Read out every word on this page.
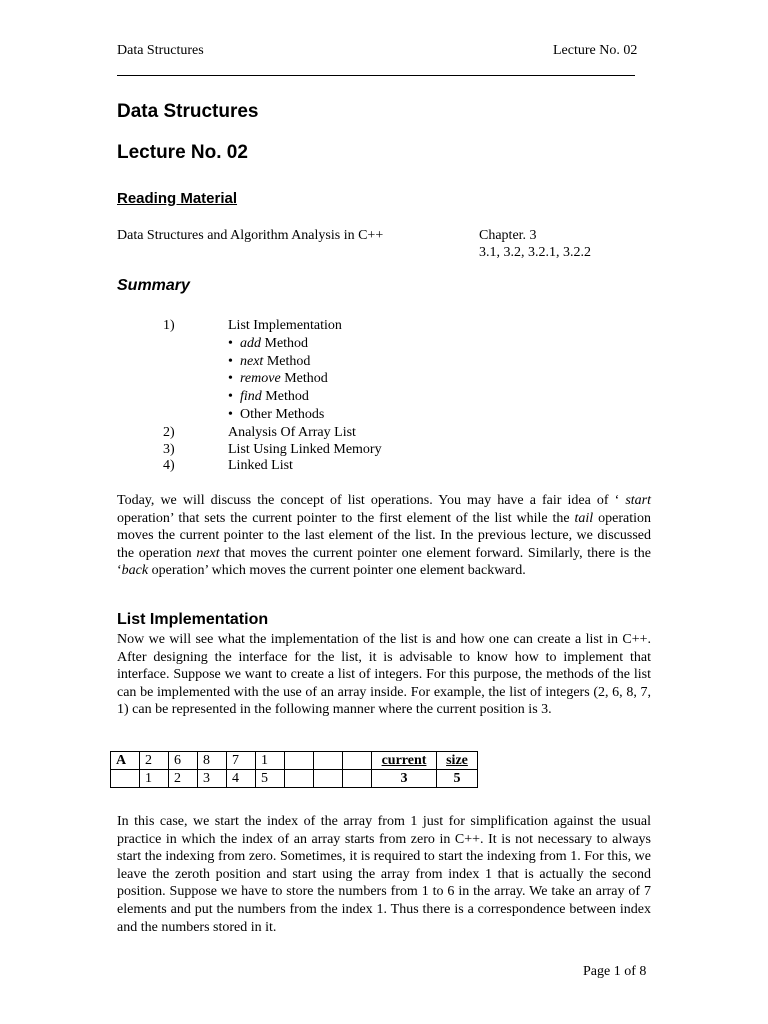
Data Structures	Lecture No. 02
Data Structures
Lecture No. 02
Reading Material
Data Structures and Algorithm Analysis in C++	Chapter. 3
3.1, 3.2, 3.2.1, 3.2.2
Summary
1)	List Implementation
• add Method
• next Method
• remove Method
• find Method
• Other Methods
2)	Analysis Of Array List
3)	List Using Linked Memory
4)	Linked List
Today, we will discuss the concept of list operations. You may have a fair idea of ‘ start operation’ that sets the current pointer to the first element of the list while the tail operation moves the current pointer to the last element of the list. In the previous lecture, we discussed the operation next that moves the current pointer one element forward. Similarly, there is the ‘back operation’ which moves the current pointer one element backward.
List Implementation
Now we will see what the implementation of the list is and how one can create a list in C++. After designing the interface for the list, it is advisable to know how to implement that interface. Suppose we want to create a list of integers. For this purpose, the methods of the list can be implemented with the use of an array inside. For example, the list of integers (2, 6, 8, 7, 1) can be represented in the following manner where the current position is 3.
A	2	6	8	7	1				current	size
	1	2	3	4	5				3	5
In this case, we start the index of the array from 1 just for simplification against the usual practice in which the index of an array starts from zero in C++. It is not necessary to always start the indexing from zero. Sometimes, it is required to start the indexing from 1. For this, we leave the zeroth position and start using the array from index 1 that is actually the second position. Suppose we have to store the numbers from 1 to 6 in the array. We take an array of 7 elements and put the numbers from the index 1. Thus there is a correspondence between index and the numbers stored in it.
Page 1 of 8
